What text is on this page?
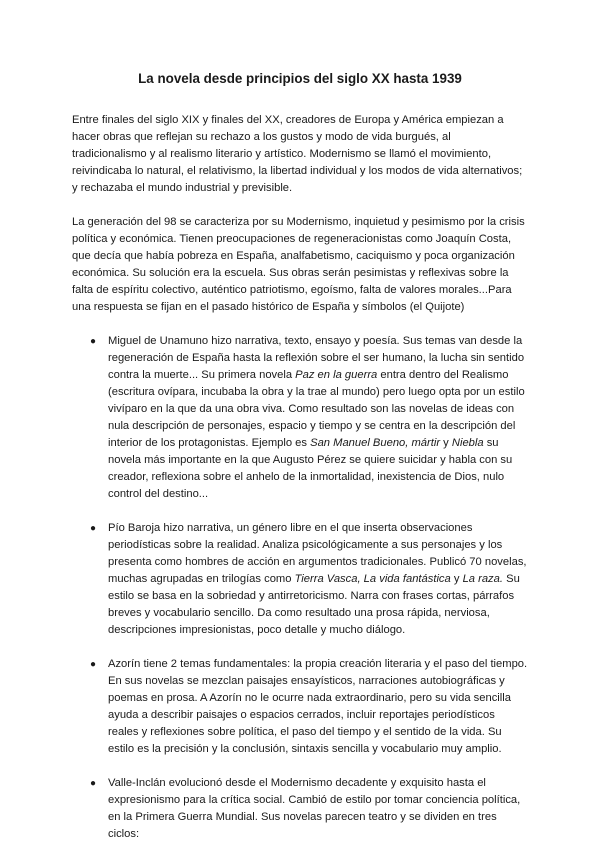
La novela desde principios del siglo XX hasta 1939

Entre finales del siglo XIX y finales del XX, creadores de Europa y América empiezan a hacer obras que reflejan su rechazo a los gustos y modo de vida burgués, al tradicionalismo y al realismo literario y artístico. Modernismo se llamó el movimiento, reivindicaba lo natural, el relativismo, la libertad individual y los modos de vida alternativos; y rechazaba el mundo industrial y previsible.

La generación del 98 se caracteriza por su Modernismo, inquietud y pesimismo por la crisis política y económica. Tienen preocupaciones de regeneracionistas como Joaquín Costa, que decía que había pobreza en España, analfabetismo, caciquismo y poca organización económica. Su solución era la escuela. Sus obras serán pesimistas y reflexivas sobre la falta de espíritu colectivo, auténtico patriotismo, egoísmo, falta de valores morales...Para una respuesta se fijan en el pasado histórico de España y símbolos (el Quijote)

● Miguel de Unamuno hizo narrativa, texto, ensayo y poesía. Sus temas van desde la regeneración de España hasta la reflexión sobre el ser humano, la lucha sin sentido contra la muerte... Su primera novela Paz en la guerra entra dentro del Realismo (escritura ovípara, incubaba la obra y la trae al mundo) pero luego opta por un estilo vivíparo en la que da una obra viva. Como resultado son las novelas de ideas con nula descripción de personajes, espacio y tiempo y se centra en la descripción del interior de los protagonistas. Ejemplo es San Manuel Bueno, mártir y Niebla su novela más importante en la que Augusto Pérez se quiere suicidar y habla con su creador, reflexiona sobre el anhelo de la inmortalidad, inexistencia de Dios, nulo control del destino...
● Pío Baroja hizo narrativa, un género libre en el que inserta observaciones periodísticas sobre la realidad. Analiza psicológicamente a sus personajes y los presenta como hombres de acción en argumentos tradicionales. Publicó 70 novelas, muchas agrupadas en trilogías como Tierra Vasca, La vida fantástica y La raza. Su estilo se basa en la sobriedad y antirretoricismo. Narra con frases cortas, párrafos breves y vocabulario sencillo. Da como resultado una prosa rápida, nerviosa, descripciones impresionistas, poco detalle y mucho diálogo.
● Azorín tiene 2 temas fundamentales: la propia creación literaria y el paso del tiempo. En sus novelas se mezclan paisajes ensayísticos, narraciones autobiográficas y poemas en prosa. A Azorín no le ocurre nada extraordinario, pero su vida sencilla ayuda a describir paisajes o espacios cerrados, incluir reportajes periodísticos reales y reflexiones sobre política, el paso del tiempo y el sentido de la vida. Su estilo es la precisión y la conclusión, sintaxis sencilla y vocabulario muy amplio.
● Valle-Inclán evolucionó desde el Modernismo decadente y exquisito hasta el expresionismo para la crítica social. Cambió de estilo por tomar conciencia política, en la Primera Guerra Mundial. Sus novelas parecen teatro y se dividen en tres ciclos:
